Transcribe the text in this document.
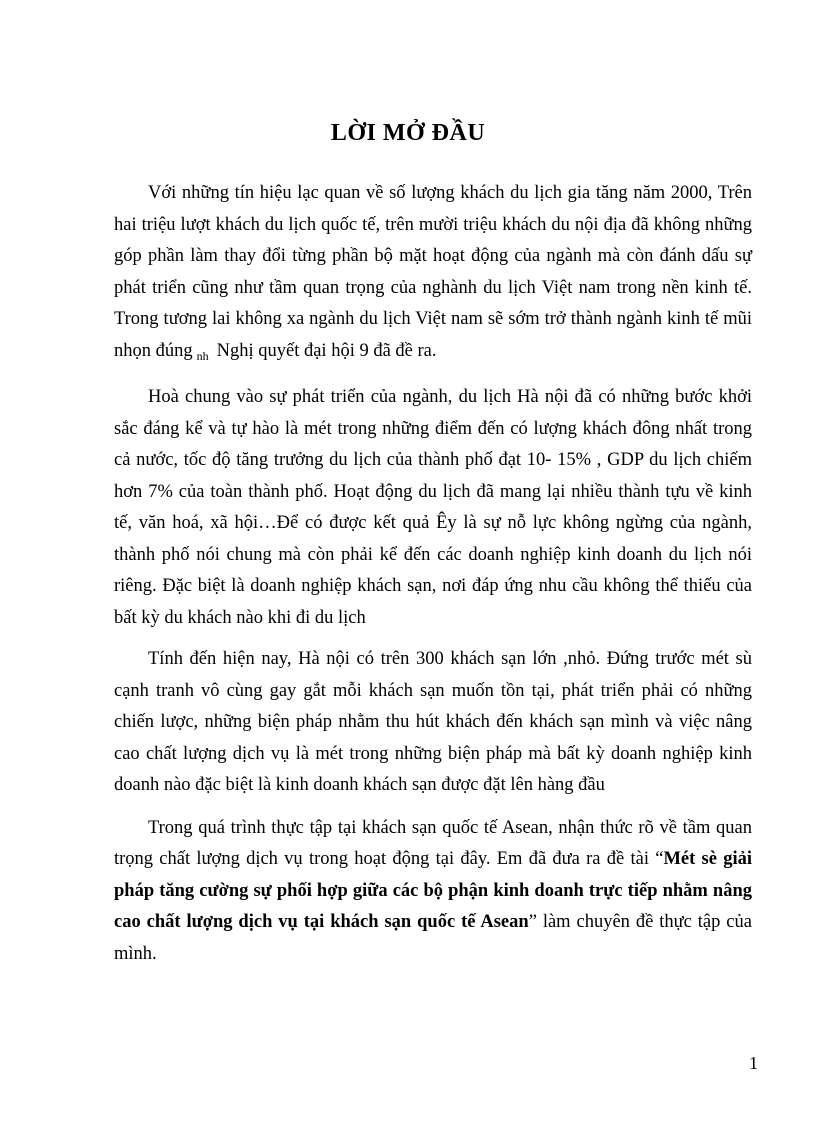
LỜI MỞ ĐẦU

Với những tín hiệu lạc quan về số lượng khách du lịch gia tăng năm 2000, Trên hai triệu lượt khách du lịch quốc tế, trên mười triệu khách du nội địa đã không những góp phần làm thay đổi từng phần bộ mặt hoạt động của ngành mà còn đánh dấu sự phát triển cũng như tầm quan trọng của nghành du lịch Việt nam trong nền kinh tế. Trong tương lai không xa ngành du lịch Việt nam sẽ sớm trở thành ngành kinh tế mũi nhọn đúng $_{nh}$ Nghị quyết đại hội 9 đã đề ra.

Hoà chung vào sự phát triển của ngành, du lịch Hà nội đã có những bước khởi sắc đáng kể và tự hào là mét trong những điểm đến có lượng khách đông nhất trong cả nước, tốc độ tăng trưởng du lịch của thành phố đạt 10- 15% , GDP du lịch chiếm hơn 7% của toàn thành phố. Hoạt động du lịch đã mang lại nhiều thành tựu về kinh tế, văn hoá, xã hội…Để có được kết quả Êy là sự nỗ lực không ngừng của ngành, thành phố nói chung mà còn phải kể đến các doanh nghiệp kinh doanh du lịch nói riêng. Đặc biệt là doanh nghiệp khách sạn, nơi đáp ứng nhu cầu không thể thiếu của bất kỳ du khách nào khi đi du lịch

Tính đến hiện nay, Hà nội có trên 300 khách sạn lớn ,nhỏ. Đứng trước mét sù cạnh tranh vô cùng gay gắt mỗi khách sạn muốn tồn tại, phát triển phải có những chiến lược, những biện pháp nhằm thu hút khách đến khách sạn mình và việc nâng cao chất lượng dịch vụ là mét trong những biện pháp mà bất kỳ doanh nghiệp kinh doanh nào đặc biệt là kinh doanh khách sạn được đặt lên hàng đầu

Trong quá trình thực tập tại khách sạn quốc tế Asean, nhận thức rõ về tầm quan trọng chất lượng dịch vụ trong hoạt động tại đây. Em đã đưa ra đề tài “Mét sè giải pháp tăng cường sự phối hợp giữa các bộ phận kinh doanh trực tiếp nhằm nâng cao chất lượng dịch vụ tại khách sạn quốc tế Asean” làm chuyên đề thực tập của mình.

1
